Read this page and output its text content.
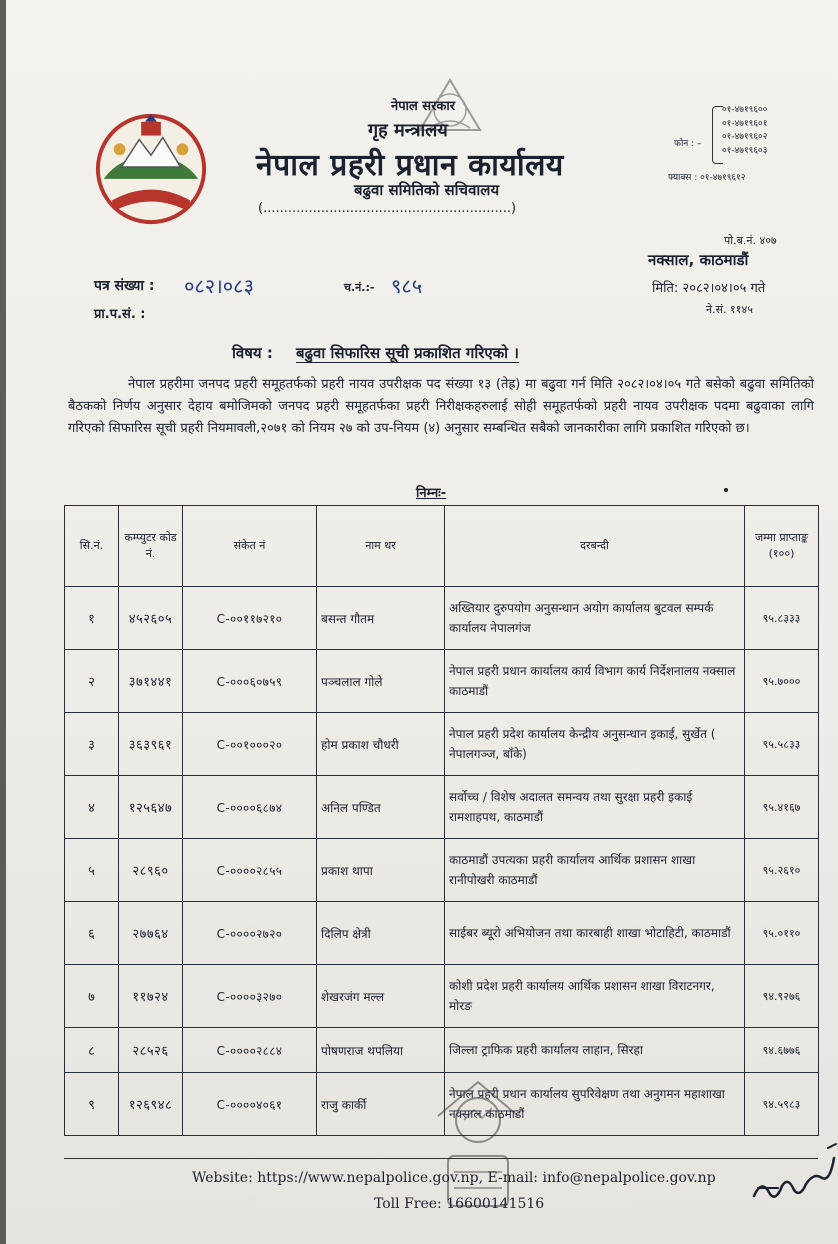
नेपाल सरकार
गृह मन्त्रालय
नेपाल प्रहरी प्रधान कार्यालय
बढुवा समितिको सचिवालय
(............................................................)
फोन : –
०१-४७१९६००
०१-४७१९६०१
०१-४७१९६०२
०१-४७१९६०३
फ्याक्स : ०१-४७१९६१२
पो.ब.नं. ४०७
नक्साल, काठमाडौं
मिति: २०८२।०४।०५ गते
ने.सं. ११४५
पत्र संख्या : ०८२।०८३	च.नं.:- ९८५
प्रा.प.सं. :
विषय : बढुवा सिफारिस सूची प्रकाशित गरिएको ।
नेपाल प्रहरीमा जनपद प्रहरी समूहतर्फको प्रहरी नायव उपरीक्षक पद संख्या १३ (तेह्र) मा बढुवा गर्न मिति २०८२।०४।०५ गते बसेको बढुवा समितिको बैठकको निर्णय अनुसार देहाय बमोजिमको जनपद प्रहरी समूहतर्फका प्रहरी निरीक्षकहरुलाई सोही समूहतर्फको प्रहरी नायव उपरीक्षक पदमा बढुवाका लागि गरिएको सिफारिस सूची प्रहरी नियमावली,२०७१ को नियम २७ को उप-नियम (४) अनुसार सम्बन्धित सबैको जानकारीका लागि प्रकाशित गरिएको छ।
निम्नः-
सि.नं.	कम्प्युटर कोड नं.	संकेत नं	नाम थर	दरबन्दी	जम्मा प्राप्ताङ्क (१००)
१	४५२६०५	C-००११७२१०	बसन्त गौतम	अख्तियार दुरुपयोग अनुसन्धान अयोग कार्यालय बुटवल सम्पर्क कार्यालय नेपालगंज	९५.८३३३
२	३७१४४१	C-०००६०७५९	पञ्चलाल गोले	नेपाल प्रहरी प्रधान कार्यालय कार्य विभाग कार्य निर्देशनालय नक्साल काठमाडौं	९५.७०००
३	३६३९६१	C-००१०००२०	होम प्रकाश चौधरी	नेपाल प्रहरी प्रदेश कार्यालय केन्द्रीय अनुसन्धान इकाई, सुर्खेत ( नेपालगञ्ज, बाँके)	९५.५८३३
४	१२५६४७	C-००००६८७४	अनिल पण्डित	सर्वोच्च / विशेष अदालत समन्वय तथा सुरक्षा प्रहरी इकाई रामशाहपथ, काठमाडौं	९५.४१६७
५	२८९६०	C-००००२८५५	प्रकाश थापा	काठमाडौं उपत्यका प्रहरी कार्यालय आर्थिक प्रशासन शाखा रानीपोखरी काठमाडौं	९५.२६१०
६	२७७६४	C-००००२७२०	दिलिप क्षेत्री	साईबर ब्यूरो अभियोजन तथा कारबाही शाखा भोटाहिटी, काठमाडौं	९५.०११०
७	११७२४	C-००००३२७०	शेखरजंग मल्ल	कोशी प्रदेश प्रहरी कार्यालय आर्थिक प्रशासन शाखा विराटनगर, मोरङ	९४.९२७६
८	२८५२६	C-००००२८८४	पोषणराज थपलिया	जिल्ला ट्राफिक प्रहरी कार्यालय लाहान, सिरहा	९४.६७७६
९	१२६९४८	C-००००४०६१	राजु कार्की	नेपाल प्रहरी प्रधान कार्यालय सुपरिवेक्षण तथा अनुगमन महाशाखा नक्साल काठमाडौं	९४.५९८३
Website: https://www.nepalpolice.gov.np, E-mail: info@nepalpolice.gov.np
Toll Free: 16600141516
